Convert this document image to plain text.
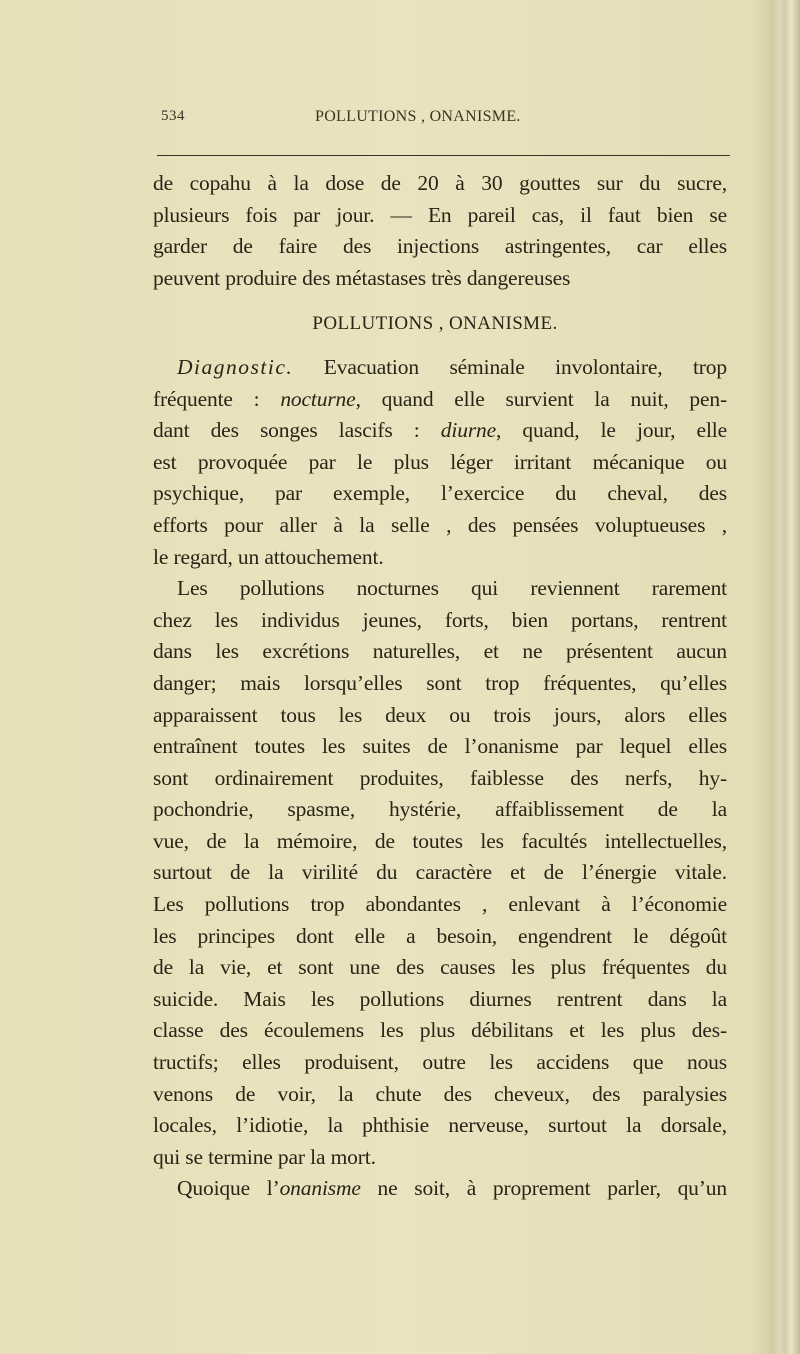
534	POLLUTIONS , ONANISME.

de copahu à la dose de 20 à 30 gouttes sur du sucre,

plusieurs fois par jour. — En pareil cas, il faut bien se

garder de faire des injections astringentes, car elles

peuvent produire des métastases très dangereuses

POLLUTIONS , ONANISME.

Diagnostic. Evacuation séminale involontaire, trop

fréquente : nocturne, quand elle survient la nuit, pen-

dant des songes lascifs : diurne, quand, le jour, elle

est provoquée par le plus léger irritant mécanique ou

psychique, par exemple, l’exercice du cheval, des

efforts pour aller à la selle , des pensées voluptueuses ,

le regard, un attouchement.

Les pollutions nocturnes qui reviennent rarement

chez les individus jeunes, forts, bien portans, rentrent

dans les excrétions naturelles, et ne présentent aucun

danger; mais lorsqu’elles sont trop fréquentes, qu’elles

apparaissent tous les deux ou trois jours, alors elles

entraînent toutes les suites de l’onanisme par lequel elles

sont ordinairement produites, faiblesse des nerfs, hy-

pochondrie, spasme, hystérie, affaiblissement de la

vue, de la mémoire, de toutes les facultés intellectuelles,

surtout de la virilité du caractère et de l’énergie vitale.

Les pollutions trop abondantes , enlevant à l’économie

les principes dont elle a besoin, engendrent le dégoût

de la vie, et sont une des causes les plus fréquentes du

suicide. Mais les pollutions diurnes rentrent dans la

classe des écoulemens les plus débilitans et les plus des-

tructifs; elles produisent, outre les accidens que nous

venons de voir, la chute des cheveux, des paralysies

locales, l’idiotie, la phthisie nerveuse, surtout la dorsale,

qui se termine par la mort.

Quoique l’onanisme ne soit, à proprement parler, qu’un
